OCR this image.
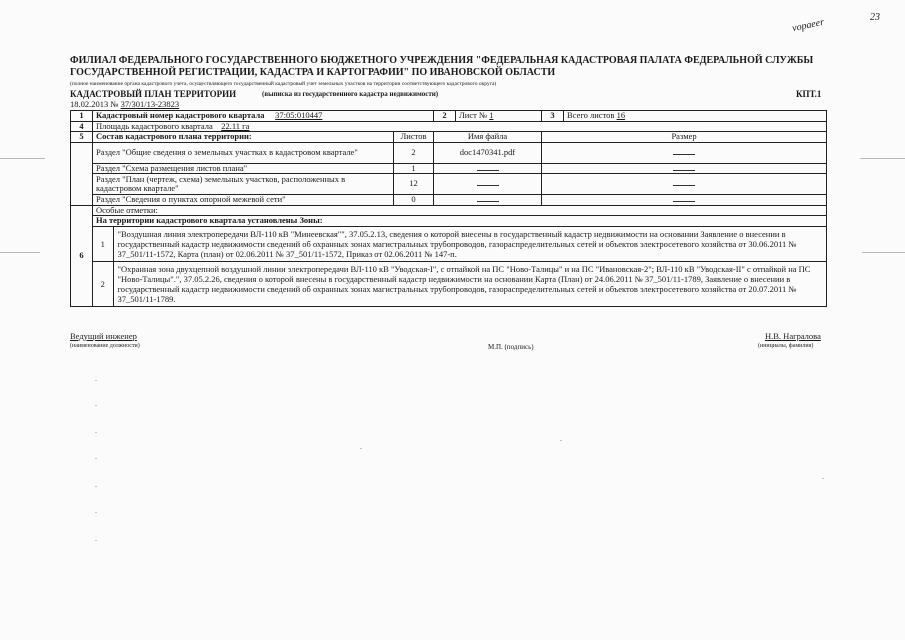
23
vopaeer
ФИЛИАЛ ФЕДЕРАЛЬНОГО ГОСУДАРСТВЕННОГО БЮДЖЕТНОГО УЧРЕЖДЕНИЯ "ФЕДЕРАЛЬНАЯ КАДАСТРОВАЯ ПАЛАТА ФЕДЕРАЛЬНОЙ СЛУЖБЫ ГОСУДАРСТВЕННОЙ РЕГИСТРАЦИИ, КАДАСТРА И КАРТОГРАФИИ" ПО ИВАНОВСКОЙ ОБЛАСТИ
(полное наименование органа кадастрового учета, осуществляющего государственный кадастровый учет земельных участков на территории соответствующего кадастрового округа)
КАДАСТРОВЫЙ ПЛАН ТЕРРИТОРИИ	(выписка из государственного кадастра недвижимости)	КПТ.1
18.02.2013 № 37/301/13-23823
1	Кадастровый номер кадастрового квартала 37:05:010447	2	Лист № 1	3	Всего листов 16
4	Площадь кадастрового квартала 22.11 га
5	Состав кадастрового плана территории:	Листов	Имя файла	Размер
	Раздел "Общие сведения о земельных участках в кадастровом квартале"	2	doc1470341.pdf	
Раздел "Схема размещения листов плана"	1		
Раздел "План (чертеж, схема) земельных участков, расположенных в кадастровом квартале"	12		
Раздел "Сведения о пунктах опорной межевой сети"	0		
6	Особые отметки:
На территории кадастрового квартала установлены Зоны:

1	"Воздушная линия электропередачи ВЛ-110 кВ "Минеевская"", 37.05.2.13, сведения о которой внесены в государственный кадастр недвижимости на основании Заявление о внесении в государственный кадастр недвижимости сведений об охранных зонах магистральных трубопроводов, газораспределительных сетей и объектов электросетевого хозяйства от 30.06.2011 № 37_501/11-1572, Карта (план) от 02.06.2011 № 37_501/11-1572, Приказ от 02.06.2011 № 147-п.

2	"Охранная зона двухцепной воздушной линии электропередачи ВЛ-110 кВ "Уводская-I", с отпайкой на ПС "Ново-Талицы" и на ПС "Ивановская-2"; ВЛ-110 кВ "Уводская-II" с отпайкой на ПС "Ново-Талицы".", 37.05.2.26, сведения о которой внесены в государственный кадастр недвижимости на основании Карта (План) от 24.06.2011 № 37_501/11-1789, Заявление о внесении в государственный кадастр недвижимости сведений об охранных зонах магистральных трубопроводов, газораспределительных сетей и объектов электросетевого хозяйства от 20.07.2011 № 37_501/11-1789.
Ведущий инженер
(наименование должности)	М.П. (подпись)
Н.В. Награлова
(инициалы, фамилия)
